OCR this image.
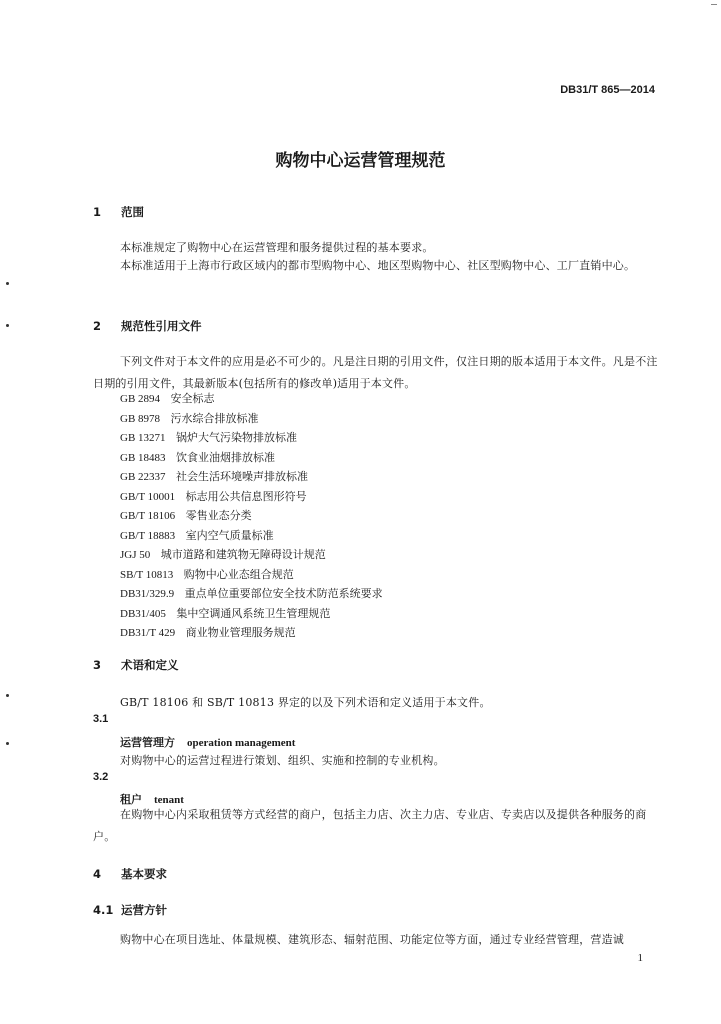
DB31/T 865—2014
购物中心运营管理规范
1 范围
本标准规定了购物中心在运营管理和服务提供过程的基本要求。
本标准适用于上海市行政区域内的都市型购物中心、地区型购物中心、社区型购物中心、工厂直销中心。
2 规范性引用文件
下列文件对于本文件的应用是必不可少的。凡是注日期的引用文件，仅注日期的版本适用于本文件。凡是不注日期的引用文件，其最新版本(包括所有的修改单)适用于本文件。
GB 2894 安全标志
GB 8978 污水综合排放标准
GB 13271 锅炉大气污染物排放标准
GB 18483 饮食业油烟排放标准
GB 22337 社会生活环境噪声排放标准
GB/T 10001 标志用公共信息图形符号
GB/T 18106 零售业态分类
GB/T 18883 室内空气质量标准
JGJ 50 城市道路和建筑物无障碍设计规范
SB/T 10813 购物中心业态组合规范
DB31/329.9 重点单位重要部位安全技术防范系统要求
DB31/405 集中空调通风系统卫生管理规范
DB31/T 429 商业物业管理服务规范
3 术语和定义
GB/T 18106 和 SB/T 10813 界定的以及下列术语和定义适用于本文件。
3.1
运营管理方 operation management
对购物中心的运营过程进行策划、组织、实施和控制的专业机构。
3.2
租户 tenant
在购物中心内采取租赁等方式经营的商户，包括主力店、次主力店、专业店、专卖店以及提供各种服务的商户。
4 基本要求
4.1 运营方针
购物中心在项目选址、体量规模、建筑形态、辐射范围、功能定位等方面，通过专业经营管理，营造诚
1
